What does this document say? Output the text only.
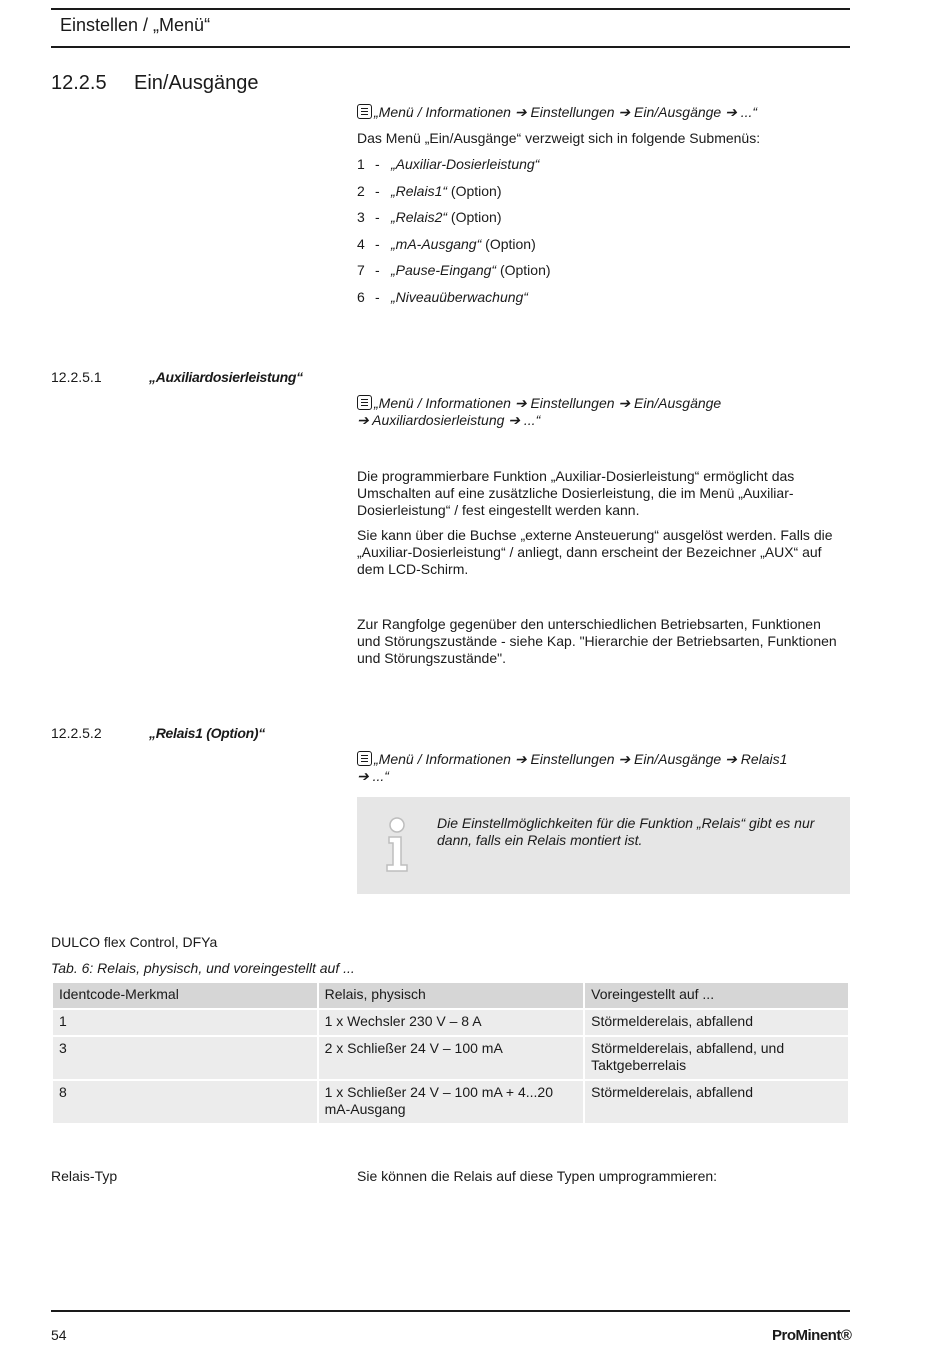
Einstellen / „Menü“
12.2.5 Ein/Ausgänge
„Menü / Informationen ➔ Einstellungen ➔ Ein/Ausgänge ➔ ...“
Das Menü „Ein/Ausgänge“ verzweigt sich in folgende Submenüs:
1 - „Auxiliar-Dosierleistung“
2 - „Relais1“ (Option)
3 - „Relais2“ (Option)
4 - „mA-Ausgang“ (Option)
7 - „Pause-Eingang“ (Option)
6 - „Niveauüberwachung“
12.2.5.1	„Auxiliardosierleistung“
„Menü / Informationen ➔ Einstellungen ➔ Ein/Ausgänge
➔ Auxiliardosierleistung ➔ ...“
Die programmierbare Funktion „Auxiliar-Dosierleistung“ ermöglicht das Umschalten auf eine zusätzliche Dosierleistung, die im Menü „Auxiliar-Dosierleistung“ / fest eingestellt werden kann.
Sie kann über die Buchse „externe Ansteuerung“ ausgelöst werden. Falls die „Auxiliar-Dosierleistung“ / anliegt, dann erscheint der Bezeichner „AUX“ auf dem LCD-Schirm.
Zur Rangfolge gegenüber den unterschiedlichen Betriebsarten, Funktionen und Störungszustände - siehe Kap. "Hierarchie der Betriebsarten, Funktionen und Störungszustände".
12.2.5.2	„Relais1 (Option)“
„Menü / Informationen ➔ Einstellungen ➔ Ein/Ausgänge ➔ Relais1
➔ ...“
Die Einstellmöglichkeiten für die Funktion „Relais“ gibt es nur dann, falls ein Relais montiert ist.
DULCO flex Control, DFYa
Tab. 6: Relais, physisch, und voreingestellt auf ...
Identcode-Merkmal	Relais, physisch	Voreingestellt auf ...
1	1 x Wechsler 230 V – 8 A	Störmelderelais, abfallend
3	2 x Schließer 24 V – 100 mA	Störmelderelais, abfallend, und Taktgeberrelais
8	1 x Schließer 24 V – 100 mA + 4...20 mA-Ausgang	Störmelderelais, abfallend
Relais-Typ	Sie können die Relais auf diese Typen umprogrammieren:
54	ProMinent®
